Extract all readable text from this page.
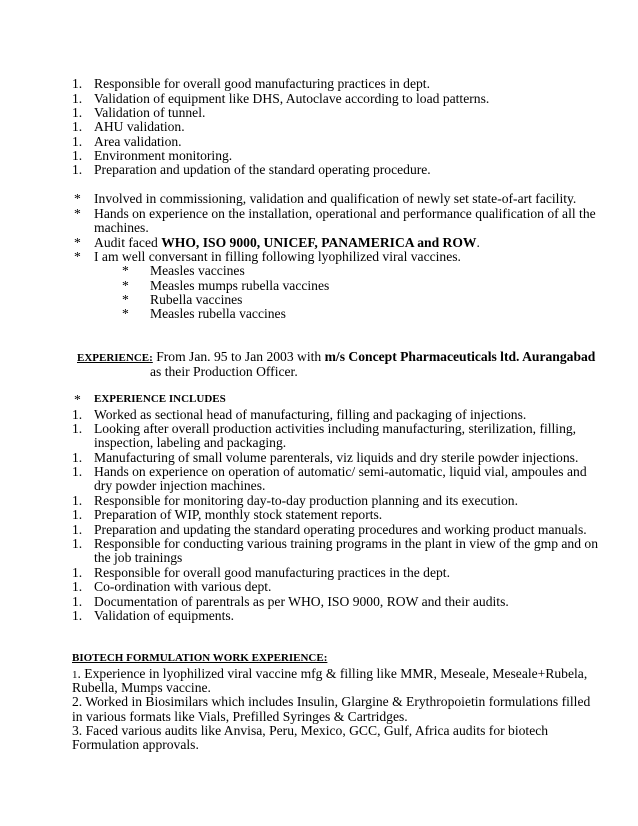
1. Responsible for overall good manufacturing practices in dept.
1. Validation of equipment like DHS, Autoclave according to load patterns.
1. Validation of tunnel.
1. AHU validation.
1. Area validation.
1. Environment monitoring.
1. Preparation and updation of the standard operating procedure.
* Involved in commissioning, validation and qualification of newly set state-of-art facility.
* Hands on experience on the installation, operational and performance qualification of all the
machines.
* Audit faced WHO, ISO 9000, UNICEF, PANAMERICA and ROW.
* I am well conversant in filling following lyophilized viral vaccines.
* Measles vaccines
* Measles mumps rubella vaccines
* Rubella vaccines
* Measles rubella vaccines
EXPERIENCE: From Jan. 95 to Jan 2003 with m/s Concept Pharmaceuticals ltd. Aurangabad
as their Production Officer.
* EXPERIENCE INCLUDES
1. Worked as sectional head of manufacturing, filling and packaging of injections.
1. Looking after overall production activities including manufacturing, sterilization, filling,
inspection, labeling and packaging.
1. Manufacturing of small volume parenterals, viz liquids and dry sterile powder injections.
1. Hands on experience on operation of automatic/ semi-automatic, liquid vial, ampoules and
dry powder injection machines.
1. Responsible for monitoring day-to-day production planning and its execution.
1. Preparation of WIP, monthly stock statement reports.
1. Preparation and updating the standard operating procedures and working product manuals.
1. Responsible for conducting various training programs in the plant in view of the gmp and on
the job trainings
1. Responsible for overall good manufacturing practices in the dept.
1. Co-ordination with various dept.
1. Documentation of parentrals as per WHO, ISO 9000, ROW and their audits.
1. Validation of equipments.
BIOTECH FORMULATION WORK EXPERIENCE:
1. Experience in lyophilized viral vaccine mfg & filling like MMR, Meseale, Meseale+Rubela,
Rubella, Mumps vaccine.
2. Worked in Biosimilars which includes Insulin, Glargine & Erythropoietin formulations filled
in various formats like Vials, Prefilled Syringes & Cartridges.
3. Faced various audits like Anvisa, Peru, Mexico, GCC, Gulf, Africa audits for biotech
Formulation approvals.
